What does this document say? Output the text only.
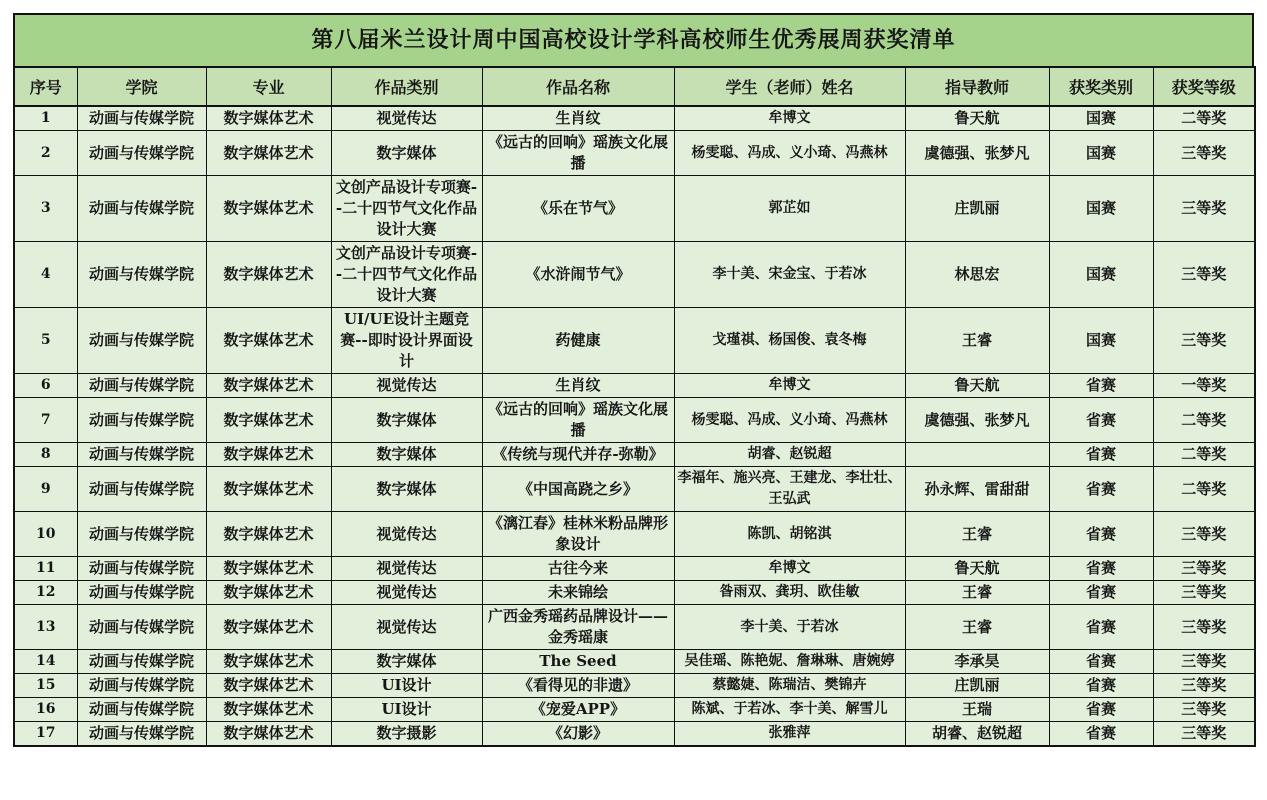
第八届米兰设计周中国高校设计学科高校师生优秀展周获奖清单
序号	学院	专业	作品类别	作品名称	学生（老师）姓名	指导教师	获奖类别	获奖等级
1	动画与传媒学院	数字媒体艺术	视觉传达	生肖纹	牟博文	鲁天航	国赛	二等奖
2	动画与传媒学院	数字媒体艺术	数字媒体	《远古的回响》瑶族文化展播	杨雯聪、冯成、义小琦、冯燕林	虞德强、张梦凡	国赛	三等奖
3	动画与传媒学院	数字媒体艺术	文创产品设计专项赛--二十四节气文化作品设计大赛	《乐在节气》	郭芷如	庄凯丽	国赛	三等奖
4	动画与传媒学院	数字媒体艺术	文创产品设计专项赛--二十四节气文化作品设计大赛	《水浒闹节气》	李十美、宋金宝、于若冰	林思宏	国赛	三等奖
5	动画与传媒学院	数字媒体艺术	UI/UE设计主题竞赛--即时设计界面设计	药健康	戈瑾祺、杨国俊、袁冬梅	王睿	国赛	三等奖
6	动画与传媒学院	数字媒体艺术	视觉传达	生肖纹	牟博文	鲁天航	省赛	一等奖
7	动画与传媒学院	数字媒体艺术	数字媒体	《远古的回响》瑶族文化展播	杨雯聪、冯成、义小琦、冯燕林	虞德强、张梦凡	省赛	二等奖
8	动画与传媒学院	数字媒体艺术	数字媒体	《传统与现代并存-弥勒》	胡睿、赵锐超		省赛	二等奖
9	动画与传媒学院	数字媒体艺术	数字媒体	《中国高跷之乡》	李福年、施兴亮、王建龙、李壮壮、王弘武	孙永辉、雷甜甜	省赛	二等奖
10	动画与传媒学院	数字媒体艺术	视觉传达	《漓江春》桂林米粉品牌形象设计	陈凯、胡铭淇	王睿	省赛	三等奖
11	动画与传媒学院	数字媒体艺术	视觉传达	古往今来	牟博文	鲁天航	省赛	三等奖
12	动画与传媒学院	数字媒体艺术	视觉传达	未来锦绘	昝雨双、龚玥、欧佳敏	王睿	省赛	三等奖
13	动画与传媒学院	数字媒体艺术	视觉传达	广西金秀瑶药品牌设计——金秀瑶康	李十美、于若冰	王睿	省赛	三等奖
14	动画与传媒学院	数字媒体艺术	数字媒体	The Seed	吴佳瑶、陈艳妮、詹琳琳、唐婉婷	李承昊	省赛	三等奖
15	动画与传媒学院	数字媒体艺术	UI设计	《看得见的非遗》	蔡懿婕、陈瑞洁、樊锦卉	庄凯丽	省赛	三等奖
16	动画与传媒学院	数字媒体艺术	UI设计	《宠爱APP》	陈斌、于若冰、李十美、解雪儿	王瑞	省赛	三等奖
17	动画与传媒学院	数字媒体艺术	数字摄影	《幻影》	张雅萍	胡睿、赵锐超	省赛	三等奖
